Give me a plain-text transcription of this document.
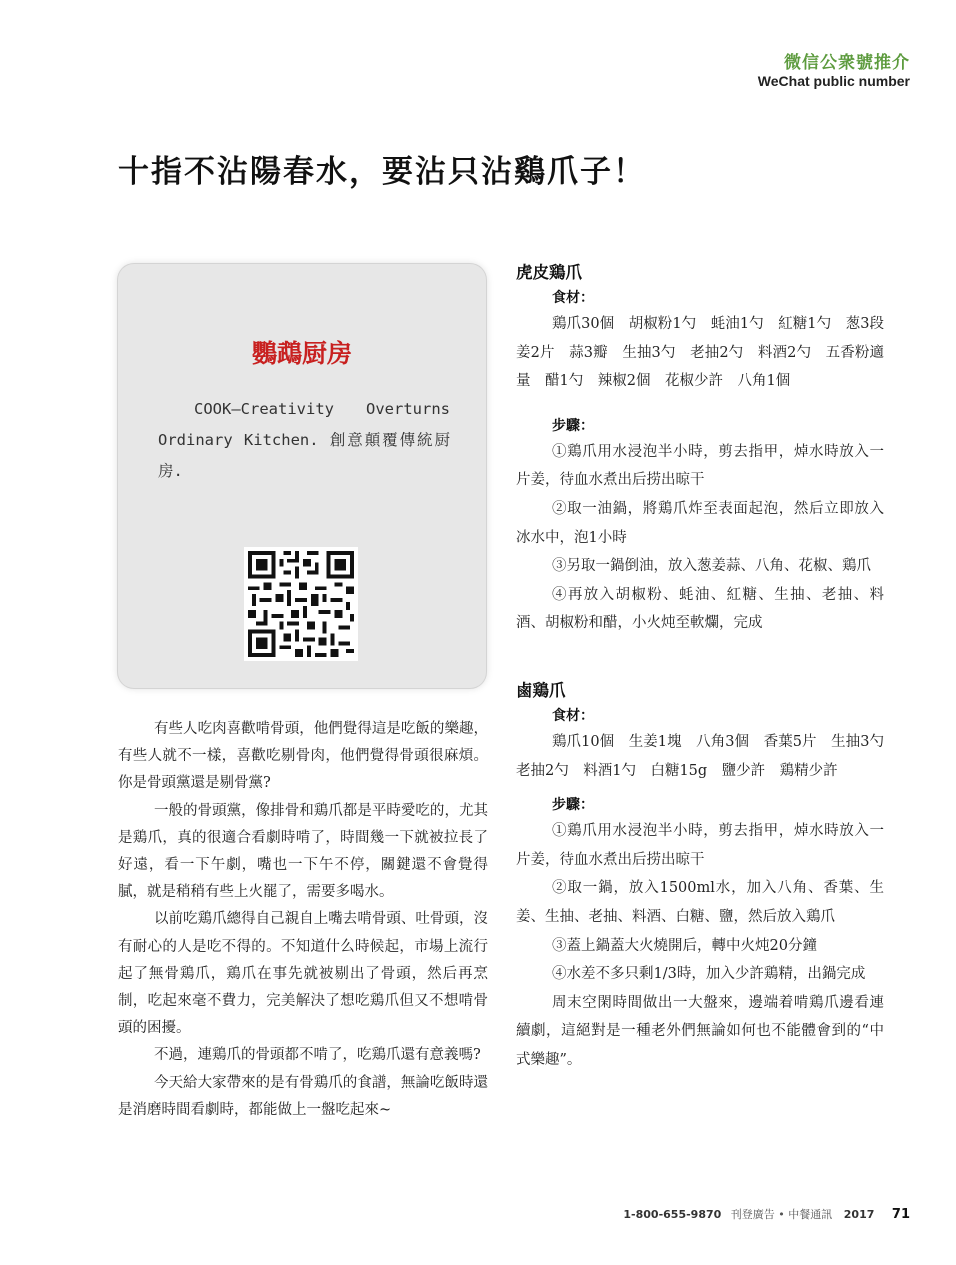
微信公衆號推介
WeChat public number
十指不沾陽春水，要沾只沾鷄爪子！
鸚鵡厨房
COOK—Creativity Overturns Ordinary Kitchen. 創意顛覆傳統厨房.

有些人吃肉喜歡啃骨頭，他們覺得這是吃飯的樂趣，有些人就不一樣，喜歡吃剔骨肉，他們覺得骨頭很麻煩。你是骨頭黨還是剔骨黨?

一般的骨頭黨，像排骨和鶏爪都是平時愛吃的，尤其是鶏爪，真的很適合看劇時啃了，時間幾一下就被拉長了好遠，看一下午劇，嘴也一下午不停，關鍵還不會覺得膩，就是稍稍有些上火罷了，需要多喝水。

以前吃鶏爪總得自己親自上嘴去啃骨頭、吐骨頭，沒有耐心的人是吃不得的。不知道什么時候起，市場上流行起了無骨鶏爪，鶏爪在事先就被剔出了骨頭，然后再烹制，吃起來毫不費力，完美解決了想吃鶏爪但又不想啃骨頭的困擾。

不過，連鶏爪的骨頭都不啃了，吃鶏爪還有意義嗎?

今天給大家帶來的是有骨鶏爪的食譜，無論吃飯時還是消磨時間看劇時，都能做上一盤吃起來~

虎皮鶏爪
食材：

鶏爪30個　胡椒粉1勺　蚝油1勺　紅糖1勺　葱3段　姜2片　蒜3瓣　生抽3勺　老抽2勺　料酒2勺　五香粉適量　醋1勺　辣椒2個　花椒少許　八角1個

步驟：

①鶏爪用水浸泡半小時，剪去指甲，焯水時放入一片姜，待血水煮出后捞出晾干

②取一油鍋，將鶏爪炸至表面起泡，然后立即放入冰水中，泡1小時

③另取一鍋倒油，放入葱姜蒜、八角、花椒、鶏爪

④再放入胡椒粉、蚝油、紅糖、生抽、老抽、料酒、胡椒粉和醋，小火炖至軟爛，完成

鹵鶏爪
食材：

鶏爪10個　生姜1塊　八角3個　香葉5片　生抽3勺　老抽2勺　料酒1勺　白糖15g　鹽少許　鶏精少許

步驟：

①鶏爪用水浸泡半小時，剪去指甲，焯水時放入一片姜，待血水煮出后捞出晾干

②取一鍋，放入1500ml水，加入八角、香葉、生姜、生抽、老抽、料酒、白糖、鹽，然后放入鶏爪

③蓋上鍋蓋大火燒開后，轉中火炖20分鐘

④水差不多只剩1/3時，加入少許鶏精，出鍋完成

周末空閑時間做出一大盤來，邊端着啃鶏爪邊看連續劇，這絕對是一種老外們無論如何也不能體會到的“中式樂趣”。

1-800-655-9870 刊登廣告 • 中餐通訊 2017 71
